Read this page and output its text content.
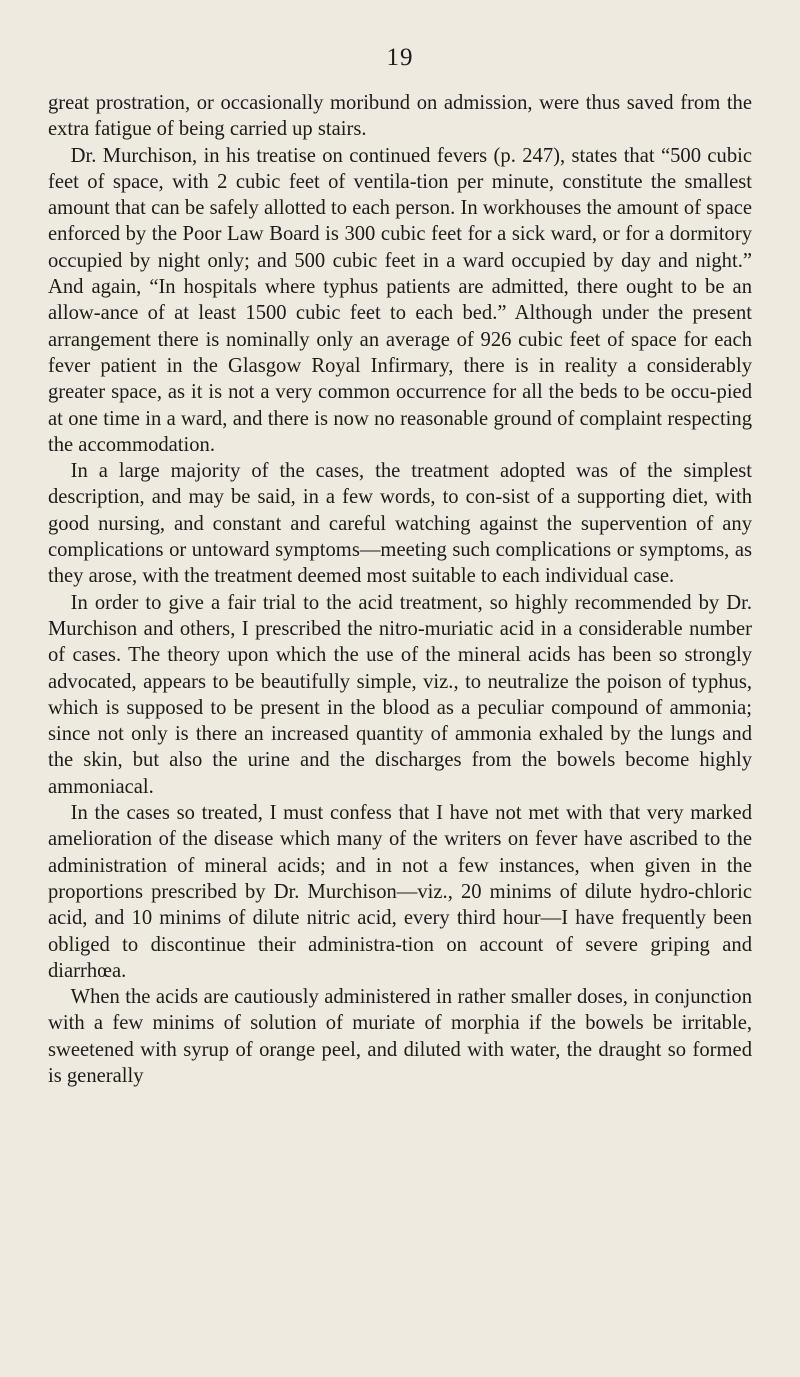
19

great prostration, or occasionally moribund on admission, were thus saved from the extra fatigue of being carried up stairs.

Dr. Murchison, in his treatise on continued fevers (p. 247), states that “500 cubic feet of space, with 2 cubic feet of ventila-tion per minute, constitute the smallest amount that can be safely allotted to each person. In workhouses the amount of space enforced by the Poor Law Board is 300 cubic feet for a sick ward, or for a dormitory occupied by night only; and 500 cubic feet in a ward occupied by day and night.” And again, “In hospitals where typhus patients are admitted, there ought to be an allow-ance of at least 1500 cubic feet to each bed.” Although under the present arrangement there is nominally only an average of 926 cubic feet of space for each fever patient in the Glasgow Royal Infirmary, there is in reality a considerably greater space, as it is not a very common occurrence for all the beds to be occu-pied at one time in a ward, and there is now no reasonable ground of complaint respecting the accommodation.

In a large majority of the cases, the treatment adopted was of the simplest description, and may be said, in a few words, to con-sist of a supporting diet, with good nursing, and constant and careful watching against the supervention of any complications or untoward symptoms—meeting such complications or symptoms, as they arose, with the treatment deemed most suitable to each individual case.

In order to give a fair trial to the acid treatment, so highly recommended by Dr. Murchison and others, I prescribed the nitro-muriatic acid in a considerable number of cases. The theory upon which the use of the mineral acids has been so strongly advocated, appears to be beautifully simple, viz., to neutralize the poison of typhus, which is supposed to be present in the blood as a peculiar compound of ammonia; since not only is there an increased quantity of ammonia exhaled by the lungs and the skin, but also the urine and the discharges from the bowels become highly ammoniacal.

In the cases so treated, I must confess that I have not met with that very marked amelioration of the disease which many of the writers on fever have ascribed to the administration of mineral acids; and in not a few instances, when given in the proportions prescribed by Dr. Murchison—viz., 20 minims of dilute hydro-chloric acid, and 10 minims of dilute nitric acid, every third hour—I have frequently been obliged to discontinue their administra-tion on account of severe griping and diarrhœa.

When the acids are cautiously administered in rather smaller doses, in conjunction with a few minims of solution of muriate of morphia if the bowels be irritable, sweetened with syrup of orange peel, and diluted with water, the draught so formed is generally
